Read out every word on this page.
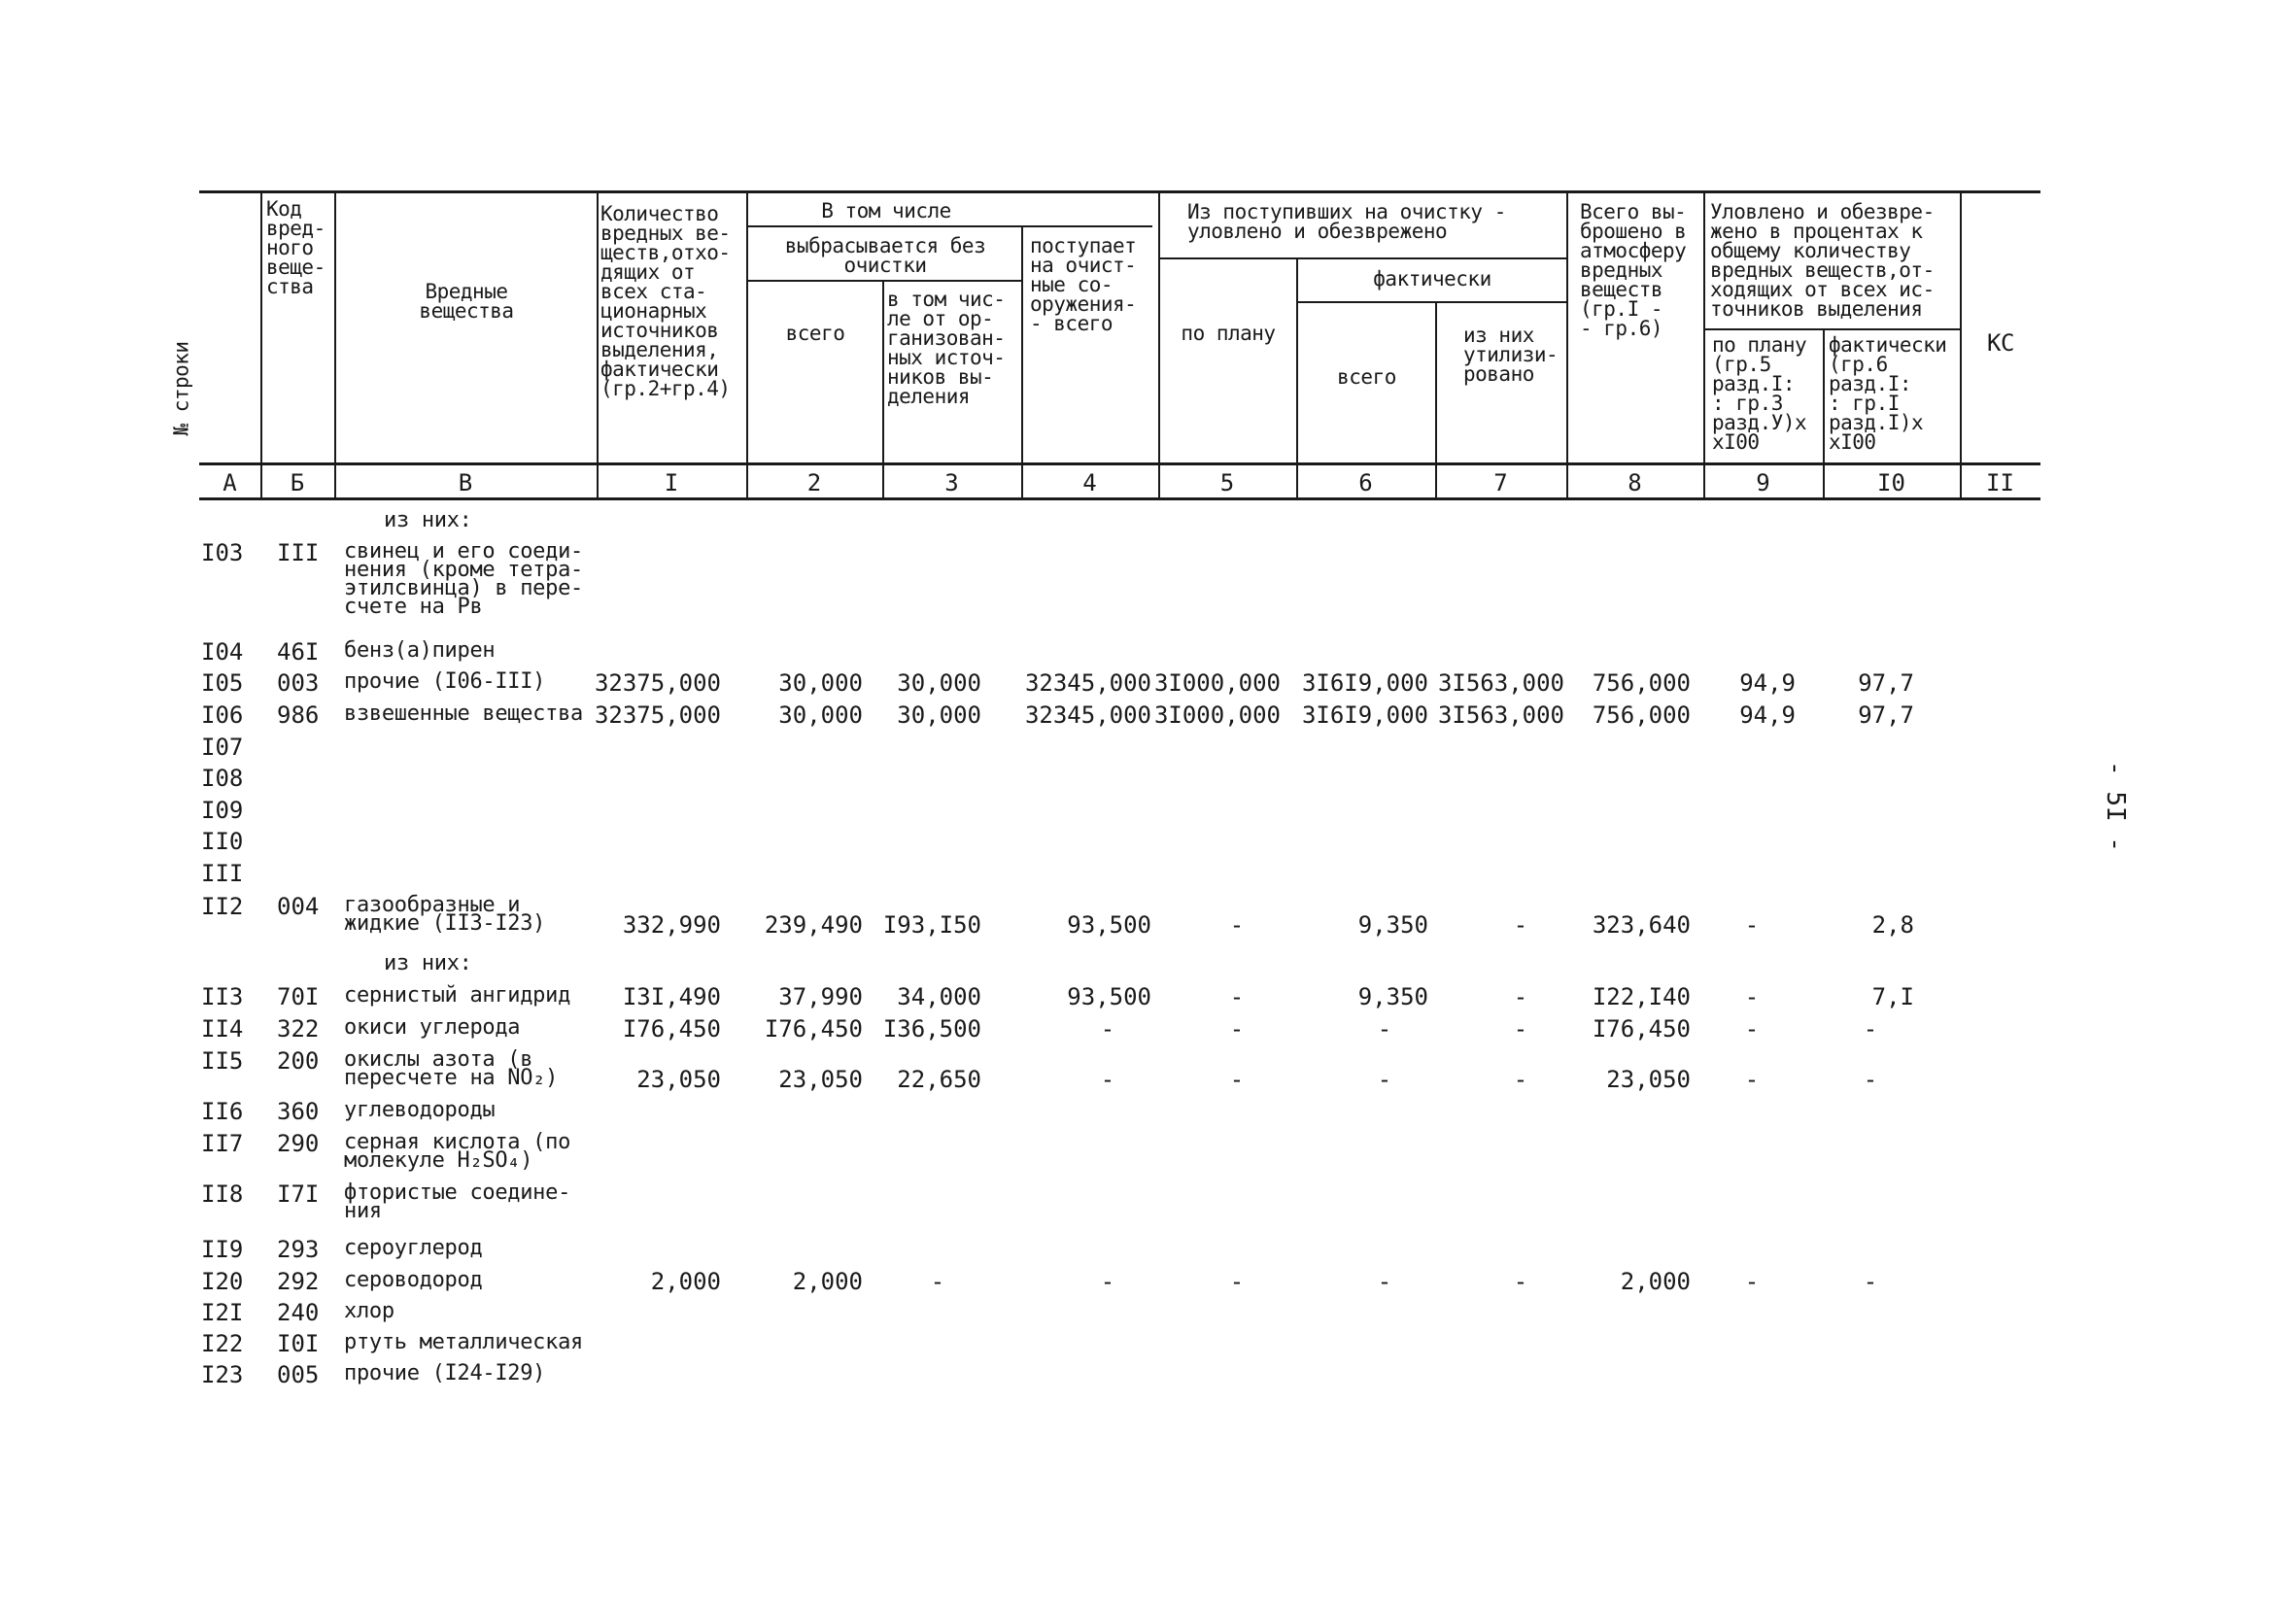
№ строки
Код
вред-
ного
веще-
ства	Вредные
вещества
Количество
вредных ве-
ществ,отхо-
дящих от
всех ста-
ционарных
источников
выделения,
фактически
(гр.2+гр.4)
В том числе
выбрасывается без
очистки
всего
в том чис-
ле от ор-
ганизован-
ных источ-
ников вы-
деления
поступает
на очист-
ные со-
оружения-
- всего
Из поступивших на очистку -
уловлено и обезврежено
по плану
фактически
всего
из них
утилизи-
ровано
Всего вы-
брошено в
атмосферу
вредных
веществ
(гр.I -
- гр.6)
Уловлено и обезвре-
жено в процентах к
общему количеству
вредных веществ,от-
ходящих от всех ис-
точников выделения
по плану
(гр.5
разд.I:
: гр.3
разд.У)х
хI00
фактически
(гр.6
разд.I:
: гр.I
разд.I)х
хI00
КС
А	Б	В	I	2	3	4	5	6	7	8	9	I0	II
из них:
I03 III свинец и его соеди-
нения (кроме тетра-
этилсвинца) в пере-
счете на Pв
I04 46I бенз(а)пирен
I05 003 прочие (I06-III)	32375,000	30,000	30,000	32345,000 3I000,000 3I6I9,000 3I563,000	756,000	94,9	97,7
I06 986 взвешенные вещества 32375,000	30,000	30,000	32345,000 3I000,000 3I6I9,000 3I563,000	756,000	94,9	97,7
I07
I08
I09
II0
III
II2 004 газообразные и
жидкие (II3-I23)	332,990	239,490 I93,I50	93,500	-	9,350	-	323,640	-	2,8
из них:
II3 70I сернистый ангидрид	I3I,490	37,990	34,000	93,500	-	9,350	-	I22,I40	-	7,I
II4 322 окиси углерода	I76,450	I76,450 I36,500	-	-	-	-	I76,450	-	-
II5 200 окислы азота (в
пересчете на NO₂)	23,050	23,050	22,650	-	-	-	-	23,050	-	-
II6 360 углеводороды
II7 290 серная кислота (по
молекуле H₂SO₄)
II8 I7I фтористые соедине-
ния
II9 293 сероуглерод
I20 292 сероводород	2,000	2,000	-	-	-	-	-	2,000	-	-
I2I 240 хлор
I22 I0I ртуть металлическая
I23 005 прочие (I24-I29)
- 5I -
